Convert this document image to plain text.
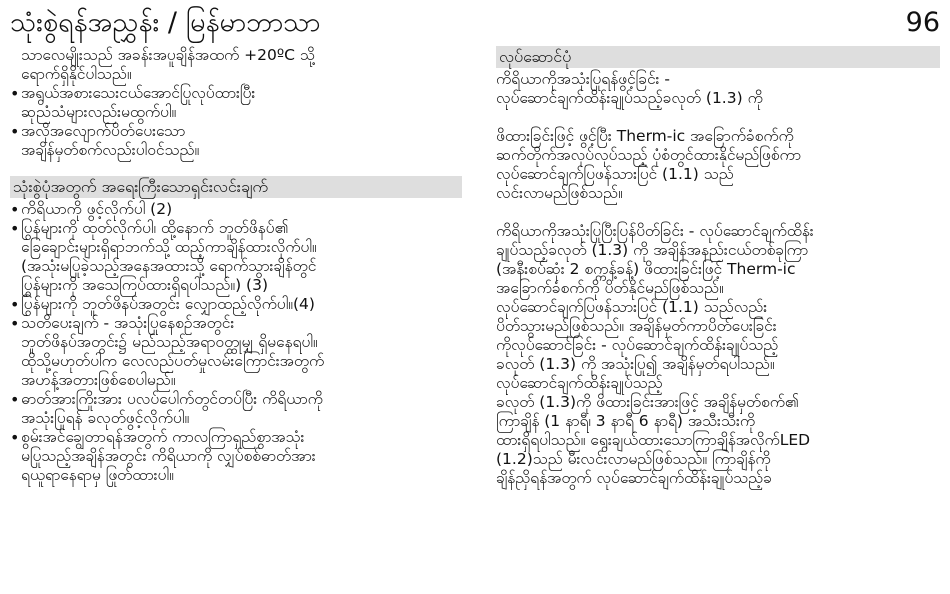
သုံးစွဲရန်အညွှန်း / မြန်မာဘာသာ	96
သာလေမျိုးသည် အခန်းအပူချိန်အထက် +20ºC သို့
ရောက်ရှိနိုင်ပါသည်။
• အရွယ်အစားသေးငယ်အောင်ပြုလုပ်ထားပြီး
ဆုညံသံများလည်းမထွက်ပါ။
• အလိုအလျောက်ပိတ်ပေးသော
အချိန်မှတ်စက်လည်းပါဝင်သည်။
သုံးစွဲပုံအတွက် အရေးကြီးသောရှင်းလင်းချက်
• ကိရိယာကို ဖွင့်လိုက်ပါ (2)
• ပြွန်များကို ထုတ်လိုက်ပါ၊ ထို့နောက် ဘူတ်ဖိနပ်၏
ခြေချောင်းများရှိရာဘက်သို့ ထည့်ကာချိန်ထားလိုက်ပါ။
(အသုံးမပြုခဲ့သည့်အနေအထားသို့ ရောက်သွားချိန်တွင်
ပြွန်များကို အသေကြပ်ထားရှိရပါသည်။) (3)
• ပြွန်များကို ဘူတ်ဖိနပ်အတွင်း လျှောထည့်လိုက်ပါ။(4)
• သတိပေးချက် - အသုံးပြုနေစဉ်အတွင်း
ဘူတ်ဖိနပ်အတွင်း၌ မည်သည့်အရာဝတ္ထုမျှ ရှိမနေရပါ။
ထိုသို့မဟုတ်ပါက လေလည်ပတ်မှုလမ်းကြောင်းအတွက်
အဟန့်အတားဖြစ်စေပါမည်။
• ဓာတ်အားကြိုးအား ပလပ်ပေါက်တွင်တပ်ပြီး ကိရိယာကို
အသုံးပြုရန် ခလုတ်ဖွင့်လိုက်ပါ။
• စွမ်းအင်ချွေတာရန်အတွက် ကာလကြာရှည်စွာအသုံး
မပြုသည့်အချိန်အတွင်း ကိရိယာကို လျှပ်စစ်ဓာတ်အား
ရယူရာနေရာမှ ဖြုတ်ထားပါ။
လုပ်ဆောင်ပုံ
ကိရိယာကိုအသုံးပြုရန်ဖွင့်ခြင်း -
လုပ်ဆောင်ချက်ထိန်းချုပ်သည့်ခလုတ် (1.3) ကို
ဖိထားခြင်းဖြင့် ဖွင့်ပြီး Therm-ic အခြောက်ခံစက်ကို
ဆက်တိုက်အလုပ်လုပ်သည့် ပုံစံတွင်ထားနိုင်မည်ဖြစ်ကာ
လုပ်ဆောင်ချက်ပြဖန်သားပြင် (1.1) သည်
လင်းလာမည်ဖြစ်သည်။
ကိရိယာကိုအသုံးပြုပြီးပြန်ပိတ်ခြင်း - လုပ်ဆောင်ချက်ထိန်း
ချုပ်သည့်ခလုတ် (1.3) ကို အချိန်အနည်းငယ်တစ်ခုကြာ
(အနီးစပ်ဆုံး 2 စက္ကန့်ခန့်) ဖိထားခြင်းဖြင့် Therm-ic
အခြောက်ခံစက်ကို ပိတ်နိုင်မည်ဖြစ်သည်။
လုပ်ဆောင်ချက်ပြဖန်သားပြင် (1.1) သည်လည်း
ပိတ်သွားမည်ဖြစ်သည်။ အချိန်မှတ်ကာပိတ်ပေးခြင်း
ကိုလုပ်ဆောင်ခြင်း - လုပ်ဆောင်ချက်ထိန်းချုပ်သည့်
ခလုတ် (1.3) ကို အသုံးပြု၍ အချိန်မှတ်ရပါသည်။
လုပ်ဆောင်ချက်ထိန်းချုပ်သည့်
ခလုတ် (1.3)ကို ဖိထားခြင်းအားဖြင့် အချိန်မှတ်စက်၏
ကြာချိန် (1 နာရီ၊ 3 နာရီ 6 နာရီ) အသီးသီးကို
ထားရှိရပါသည်။ ရွေးချယ်ထားသောကြာချိန်အလိုက်LED
(1.2)သည် မီးလင်းလာမည်ဖြစ်သည်။ ကြာချိန်ကို
ချိန်ညှိရန်အတွက် လုပ်ဆောင်ချက်ထိန်းချုပ်သည့်ခ
